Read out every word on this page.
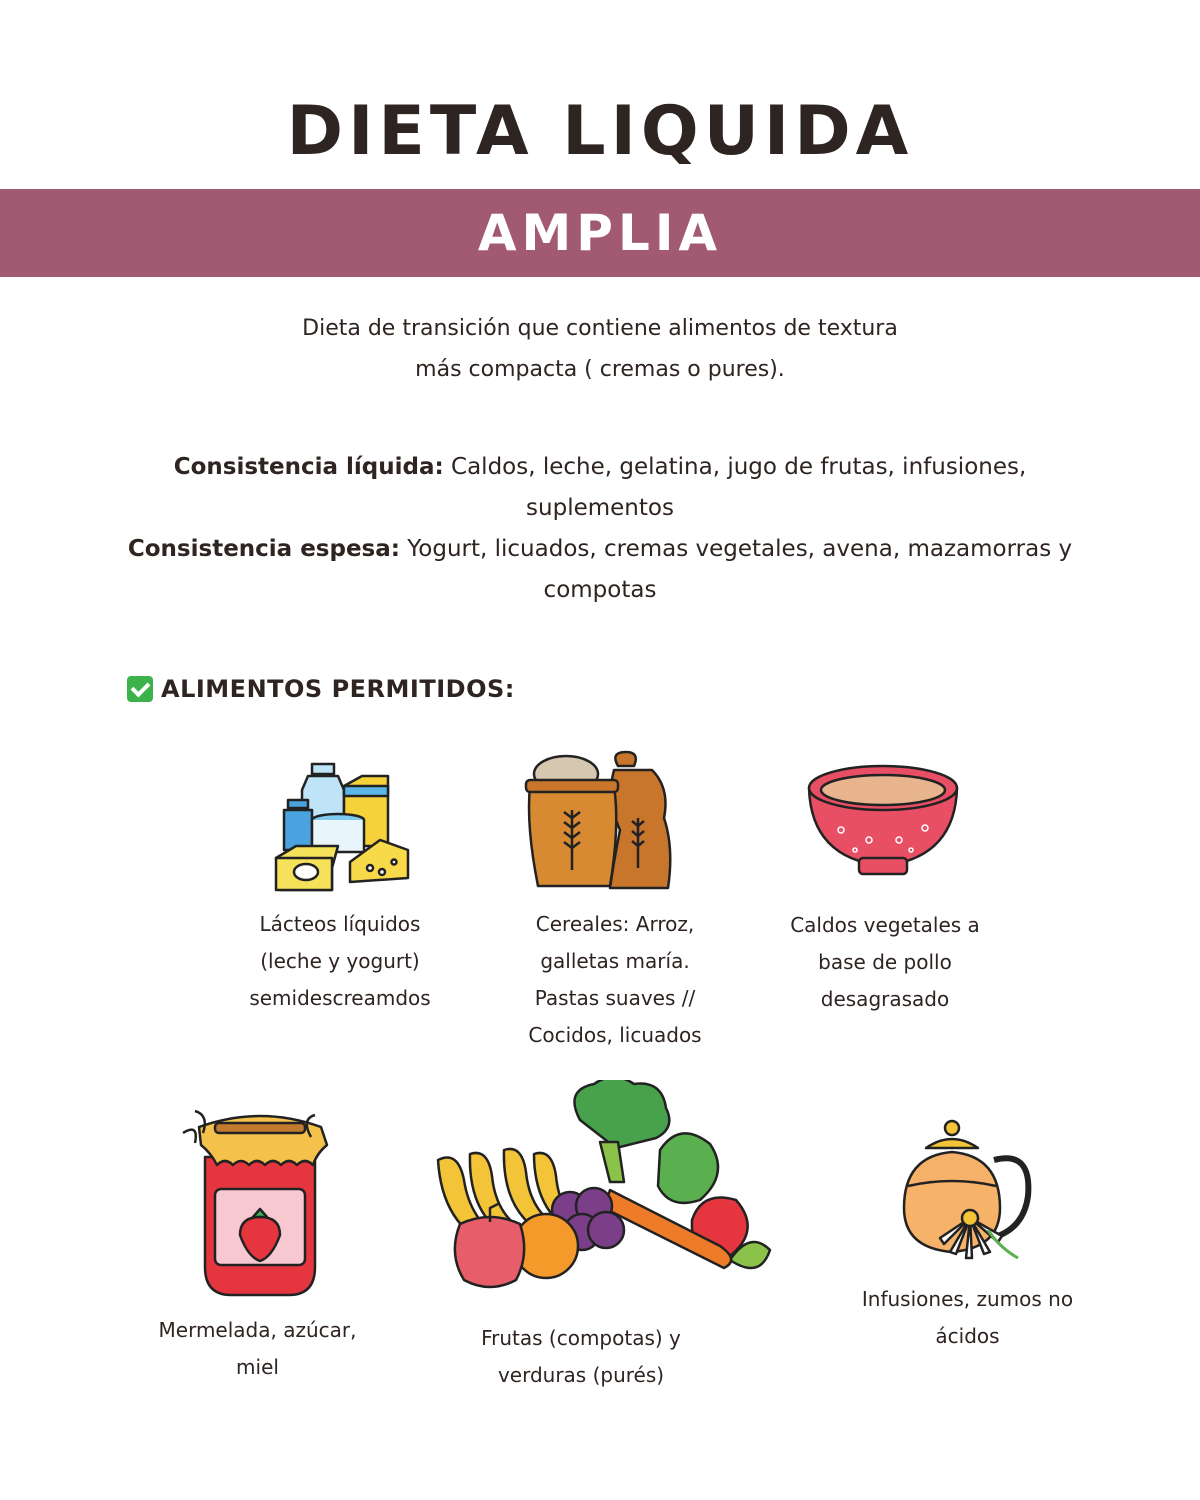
DIETA LIQUIDA
AMPLIA
Dieta de transición que contiene alimentos de textura
más compacta ( cremas o pures).
Consistencia líquida: Caldos, leche, gelatina, jugo de frutas, infusiones,
suplementos
Consistencia espesa: Yogurt, licuados, cremas vegetales, avena, mazamorras y
compotas
ALIMENTOS PERMITIDOS:
Lácteos líquidos
(leche y yogurt)
semidescreamdos
Cereales: Arroz,
galletas maría.
Pastas suaves //
Cocidos, licuados
Caldos vegetales a
base de pollo
desagrasado
Mermelada, azúcar,
miel
Frutas (compotas) y
verduras (purés)
Infusiones, zumos no
ácidos
